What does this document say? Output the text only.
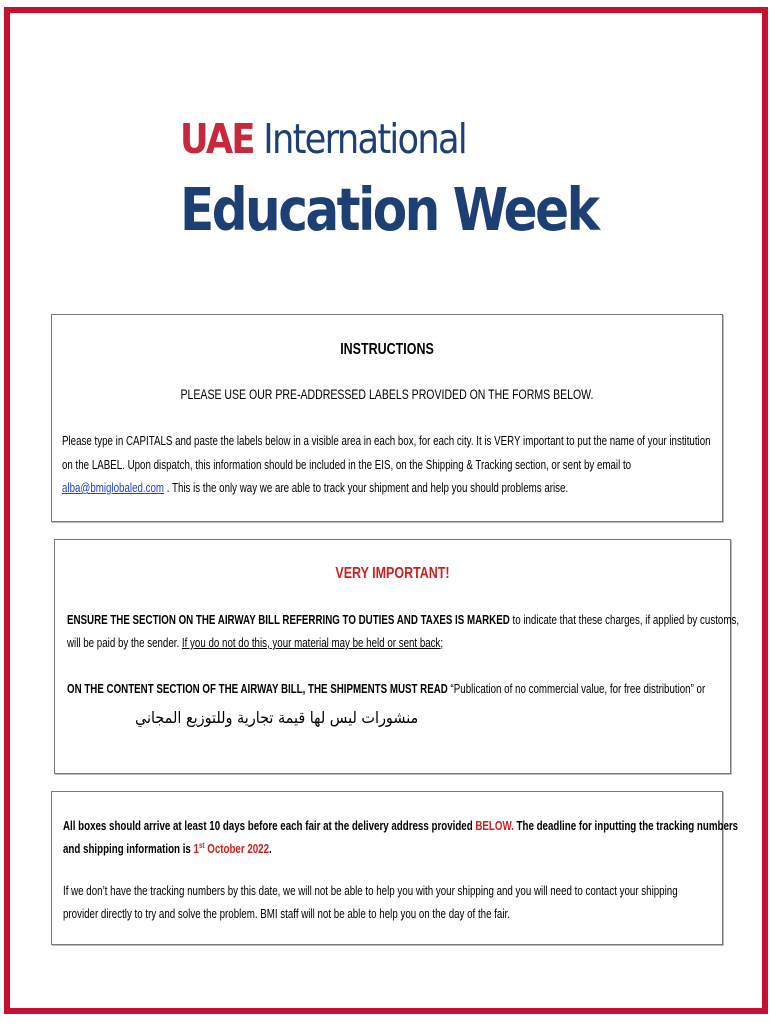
UAE International
Education Week
INSTRUCTIONS
PLEASE USE OUR PRE-ADDRESSED LABELS PROVIDED ON THE FORMS BELOW.
Please type in CAPITALS and paste the labels below in a visible area in each box, for each city. It is VERY important to put the name of your institution
on the LABEL. Upon dispatch, this information should be included in the EIS, on the Shipping & Tracking section, or sent by email to
alba@bmiglobaled.com . This is the only way we are able to track your shipment and help you should problems arise.
VERY IMPORTANT!
ENSURE THE SECTION ON THE AIRWAY BILL REFERRING TO DUTIES AND TAXES IS MARKED to indicate that these charges, if applied by customs,
will be paid by the sender. If you do not do this, your material may be held or sent back;
ON THE CONTENT SECTION OF THE AIRWAY BILL, THE SHIPMENTS MUST READ “Publication of no commercial value, for free distribution” or
منشورات ليس لها قيمة تجارية وللتوزيع المجاني
All boxes should arrive at least 10 days before each fair at the delivery address provided BELOW. The deadline for inputting the tracking numbers
and shipping information is 1st October 2022.
If we don’t have the tracking numbers by this date, we will not be able to help you with your shipping and you will need to contact your shipping
provider directly to try and solve the problem. BMI staff will not be able to help you on the day of the fair.
